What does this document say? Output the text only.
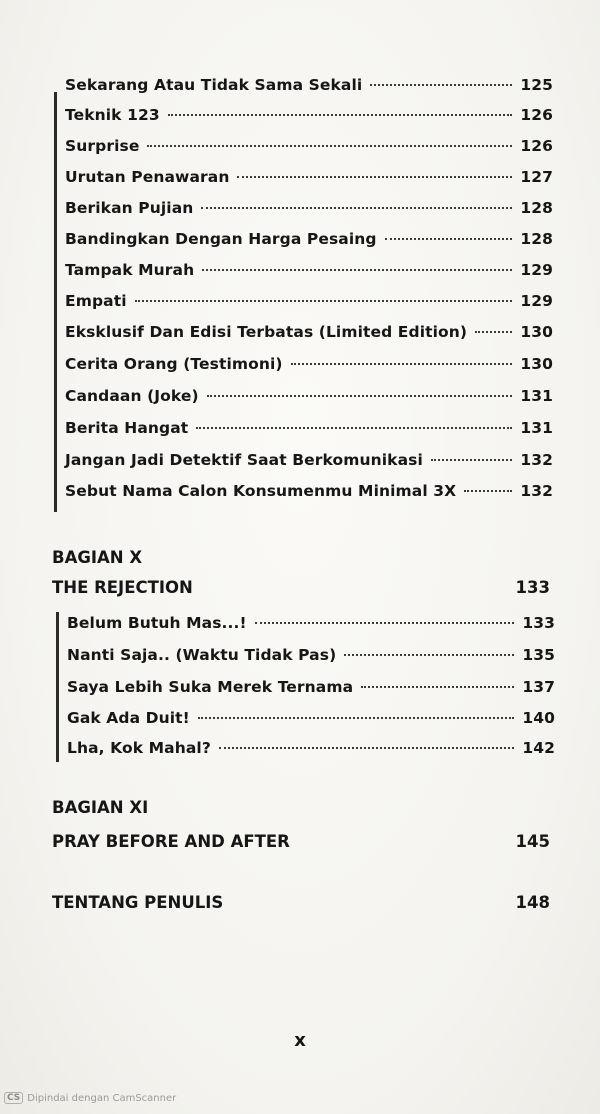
Sekarang Atau Tidak Sama Sekali	125
Teknik 123	126
Surprise	126
Urutan Penawaran	127
Berikan Pujian	128
Bandingkan Dengan Harga Pesaing	128
Tampak Murah	129
Empati	129
Eksklusif Dan Edisi Terbatas (Limited Edition)	130
Cerita Orang (Testimoni)	130
Candaan (Joke)	131
Berita Hangat	131
Jangan Jadi Detektif Saat Berkomunikasi	132
Sebut Nama Calon Konsumenmu Minimal 3X	132
BAGIAN X
THE REJECTION	133
Belum Butuh Mas...!	133
Nanti Saja.. (Waktu Tidak Pas)	135
Saya Lebih Suka Merek Ternama	137
Gak Ada Duit!	140
Lha, Kok Mahal?	142
BAGIAN XI
PRAY BEFORE AND AFTER	145
TENTANG PENULIS	148
x
CS Dipindai dengan CamScanner
